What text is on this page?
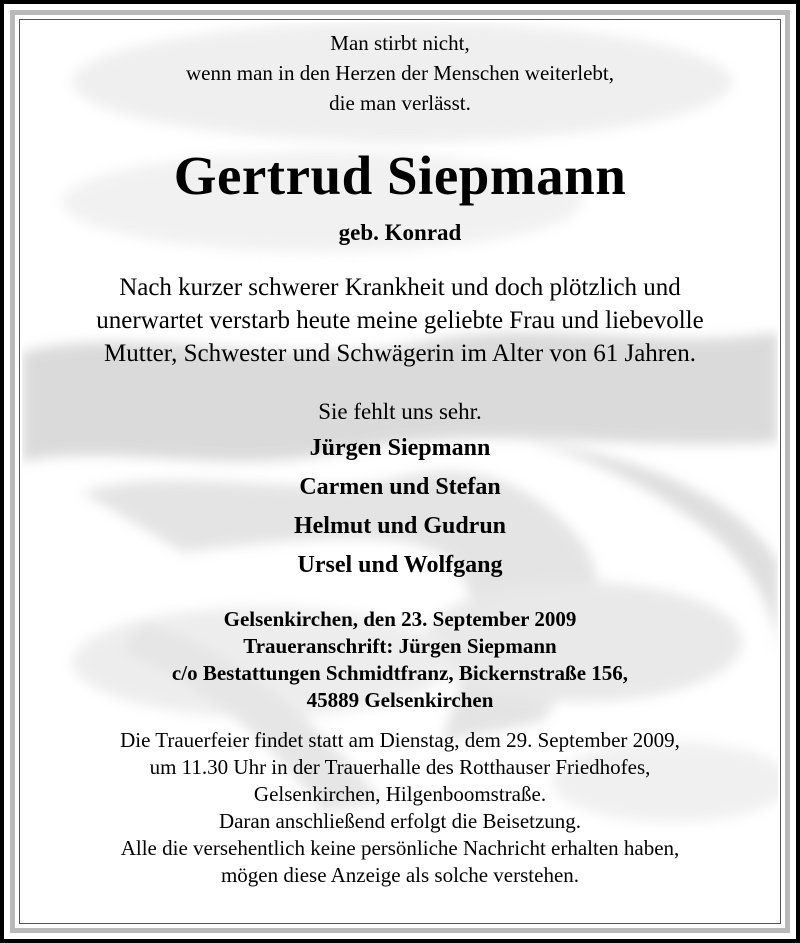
Man stirbt nicht,
wenn man in den Herzen der Menschen weiterlebt,
die man verlässt.
Gertrud Siepmann
geb. Konrad
Nach kurzer schwerer Krankheit und doch plötzlich und
unerwartet verstarb heute meine geliebte Frau und liebevolle
Mutter, Schwester und Schwägerin im Alter von 61 Jahren.
Sie fehlt uns sehr.
Jürgen Siepmann
Carmen und Stefan
Helmut und Gudrun
Ursel und Wolfgang
Gelsenkirchen, den 23. September 2009
Traueranschrift: Jürgen Siepmann
c/o Bestattungen Schmidtfranz, Bickernstraße 156,
45889 Gelsenkirchen
Die Trauerfeier findet statt am Dienstag, dem 29. September 2009,
um 11.30 Uhr in der Trauerhalle des Rotthauser Friedhofes,
Gelsenkirchen, Hilgenboomstraße.
Daran anschließend erfolgt die Beisetzung.
Alle die versehentlich keine persönliche Nachricht erhalten haben,
mögen diese Anzeige als solche verstehen.
